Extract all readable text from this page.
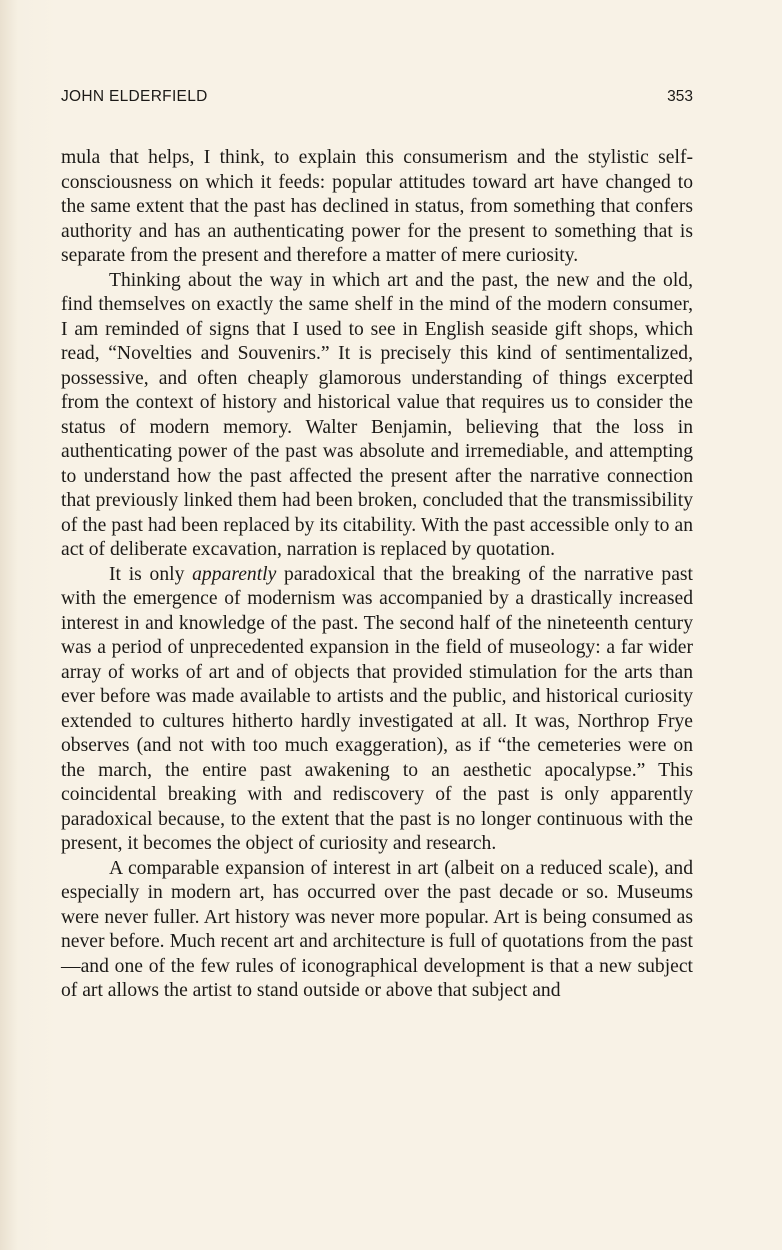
JOHN ELDERFIELD	353

mula that helps, I think, to explain this consumerism and the stylistic self-consciousness on which it feeds: popular attitudes toward art have changed to the same extent that the past has declined in status, from something that confers authority and has an authenticating power for the present to something that is separate from the present and therefore a matter of mere curiosity.

Thinking about the way in which art and the past, the new and the old, find themselves on exactly the same shelf in the mind of the modern consumer, I am reminded of signs that I used to see in English seaside gift shops, which read, “Novelties and Souvenirs.” It is precisely this kind of sentimentalized, possessive, and often cheaply glamorous understanding of things excerpted from the context of history and historical value that requires us to consider the status of modern memory. Walter Benjamin, believing that the loss in authenticating power of the past was absolute and irremediable, and attempting to understand how the past affected the present after the narrative connection that previously linked them had been broken, concluded that the transmissibility of the past had been replaced by its citability. With the past accessible only to an act of deliberate excavation, narration is replaced by quotation.

It is only apparently paradoxical that the breaking of the narrative past with the emergence of modernism was accompanied by a drastically increased interest in and knowledge of the past. The second half of the nineteenth century was a period of unprecedented expansion in the field of museology: a far wider array of works of art and of objects that provided stimulation for the arts than ever before was made available to artists and the public, and historical curiosity extended to cultures hitherto hardly investigated at all. It was, Northrop Frye observes (and not with too much exaggeration), as if “the cemeteries were on the march, the entire past awakening to an aesthetic apocalypse.” This coincidental breaking with and rediscovery of the past is only apparently paradoxical because, to the extent that the past is no longer continuous with the present, it becomes the object of curiosity and research.

A comparable expansion of interest in art (albeit on a reduced scale), and especially in modern art, has occurred over the past decade or so. Museums were never fuller. Art history was never more popular. Art is being consumed as never before. Much recent art and architecture is full of quotations from the past—and one of the few rules of iconographical development is that a new subject of art allows the artist to stand outside or above that subject and
